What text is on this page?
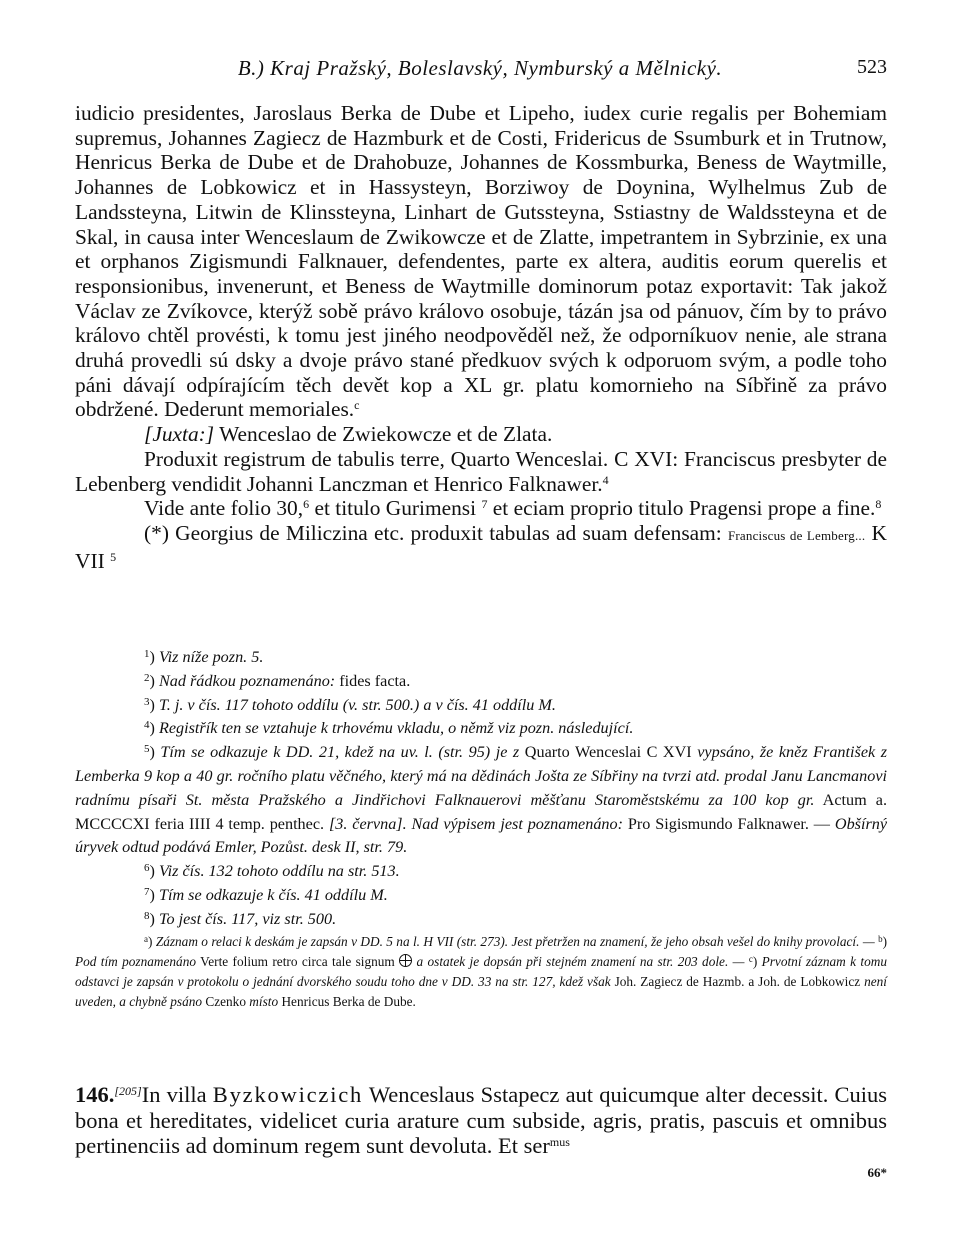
B.) Kraj Pražský, Boleslavský, Nymburský a Mělnický.	523

iudicio presidentes, Jaroslaus Berka de Dube et Lipeho, iudex curie regalis per Bohemiam supremus, Johannes Zagiecz de Hazmburk et de Costi, Fridericus de Ssumburk et in Trutnow, Henricus Berka de Dube et de Drahobuze, Johannes de Kossmburka, Beness de Waytmille, Johannes de Lobkowicz et in Hassysteyn, Borziwoy de Doynina, Wylhelmus Zub de Landssteyna, Litwin de Klinssteyna, Linhart de Gutssteyna, Sstiastny de Waldssteyna et de Skal, in causa inter Wenceslaum de Zwikowcze et de Zlatte, impetrantem in Sybrzinie, ex una et orphanos Zigismundi Falknauer, defendentes, parte ex altera, auditis eorum querelis et responsionibus, invenerunt, et Beness de Waytmille dominorum potaz exportavit: Tak jakož Václav ze Zvíkovce, kterýž sobě právo královo osobuje, tázán jsa od pánuov, čím by to právo královo chtěl provésti, k tomu jest jiného neodpověděl než, že odporníkuov nenie, ale strana druhá provedli sú dsky a dvoje právo stané předkuov svých k odporuom svým, a podle toho páni dávají odpírajícím těch devět kop a XL gr. platu komornieho na Síbřině za právo obdržené. Dederunt memoriales.$^c$

[Juxta:] Wenceslao de Zwiekowcze et de Zlata.

Produxit registrum de tabulis terre, Quarto Wenceslai. C XVI: Franciscus presbyter de Lebenberg vendidit Johanni Lanczman et Henrico Falknawer.$^4$

Vide ante folio 30,$^6$ et titulo Gurimensi $^7$ et eciam proprio titulo Pragensi prope a fine.$^8$

(*) Georgius de Miliczina etc. produxit tabulas ad suam defensam: Franciscus de Lemberg... K VII $^5$

$^1$) Viz níže pozn. 5.

$^2$) Nad řádkou poznamenáno: fides facta.

$^3$) T. j. v čís. 117 tohoto oddílu (v. str. 500.) a v čís. 41 oddílu M.

$^4$) Registřík ten se vztahuje k trhovému vkladu, o němž viz pozn. následující.

$^5$) Tím se odkazuje k DD. 21, kdež na uv. l. (str. 95) je z Quarto Wenceslai C XVI vypsáno, že kněz František z Lemberka 9 kop a 40 gr. ročního platu věčného, který má na dědinách Jošta ze Síbřiny na tvrzi atd. prodal Janu Lancmanovi radnímu písaři St. města Pražského a Jindřichovi Falknauerovi měšťanu Staroměstskému za 100 kop gr. Actum a. MCCCCXI feria IIII 4 temp. penthec. [3. června]. Nad výpisem jest poznamenáno: Pro Sigismundo Falknawer. — Obšírný úryvek odtud podává Emler, Pozůst. desk II, str. 79.

$^6$) Viz čís. 132 tohoto oddílu na str. 513.

$^7$) Tím se odkazuje k čís. 41 oddílu M.

$^8$) To jest čís. 117, viz str. 500.

$^a$) Záznam o relaci k deskám je zapsán v DD. 5 na l. H VII (str. 273). Jest přetržen na znamení, že jeho obsah vešel do knihy provolací. — $^b$) Pod tím poznamenáno Verte folium retro circa tale signum a ostatek je dopsán při stejném znamení na str. 203 dole. — $^c$) Prvotní záznam k tomu odstavci je zapsán v protokolu o jednání dvorského soudu toho dne v DD. 33 na str. 127, kdež však Joh. Zagiecz de Hazmb. a Joh. de Lobkowicz není uveden, a chybně psáno Czenko místo Henricus Berka de Dube.

146.[205]In villa Byzkowiczich Wenceslaus Sstapecz aut quicumque alter decessit. Cuius bona et hereditates, videlicet curia arature cum subside, agris, pratis, pascuis et omnibus pertinenciis ad dominum regem sunt devoluta. Et ser$^{mus}$

66*
